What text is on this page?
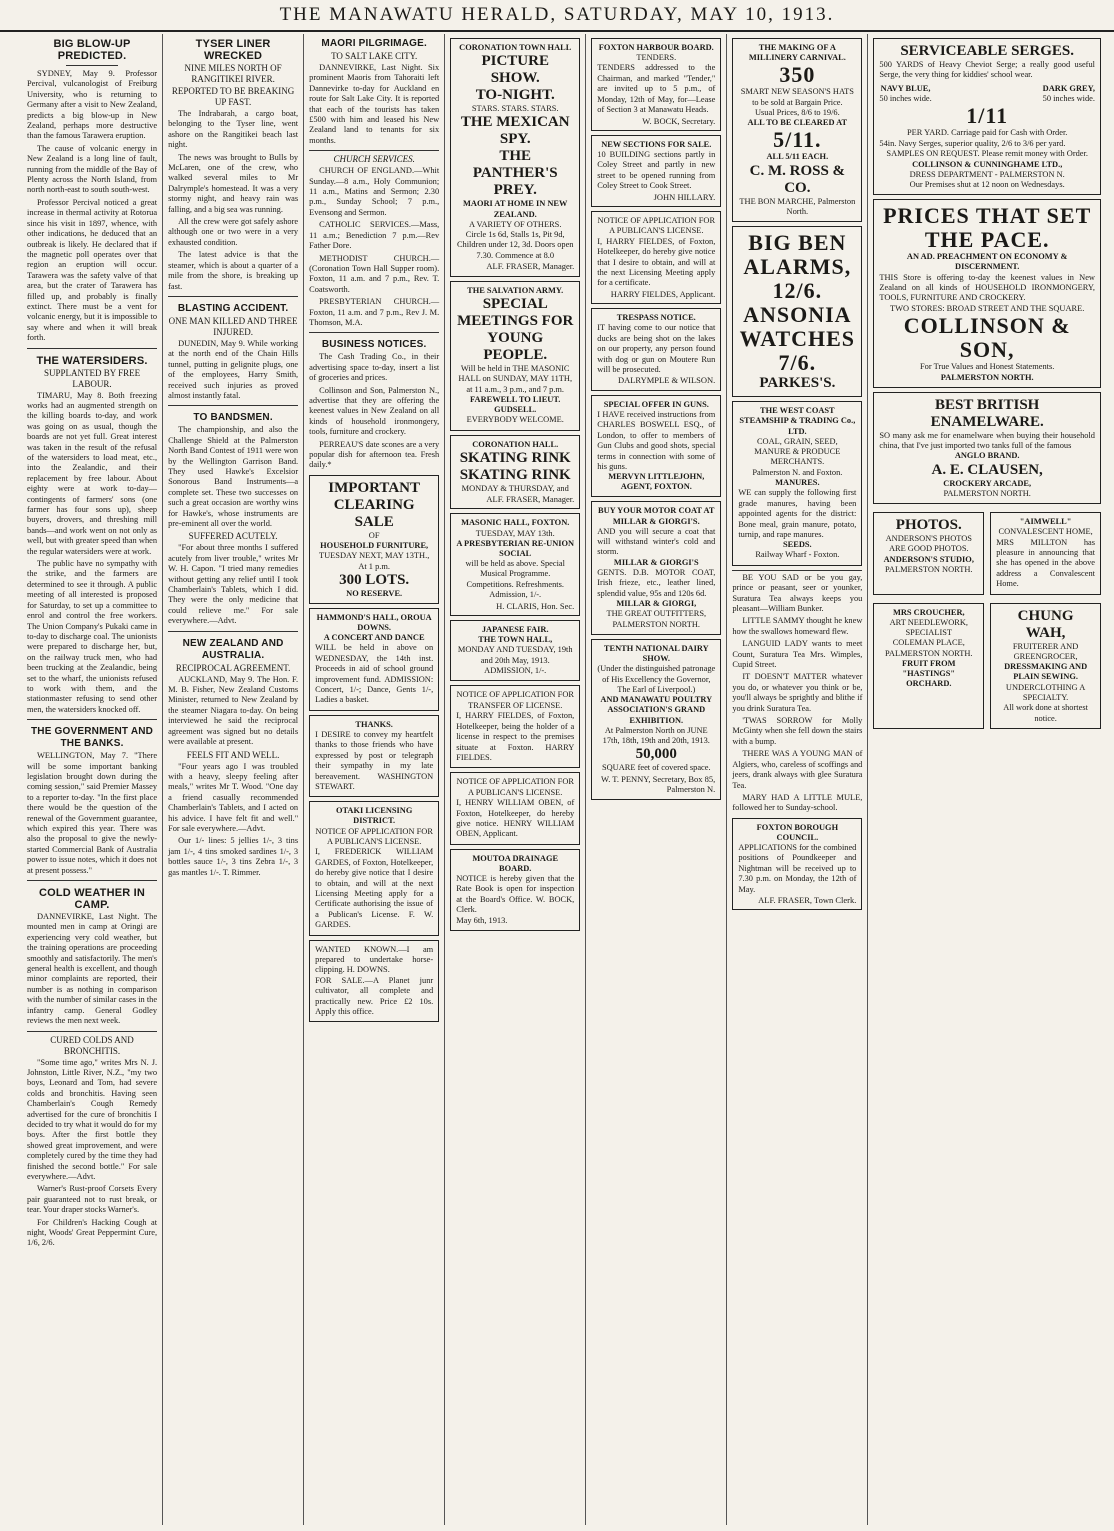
THE MANAWATU HERALD, SATURDAY, MAY 10, 1913.
BIG BLOW-UP PREDICTED.

SYDNEY, May 9. Professor Percival, vulcanologist of Freiburg University, who is returning to Germany after a visit to New Zealand, predicts a big blow-up in New Zealand, perhaps more destructive than the famous Tarawera eruption.

The cause of volcanic energy in New Zealand is a long line of fault, running from the middle of the Bay of Plenty across the North Island, from north north-east to south south-west.

Professor Percival noticed a great increase in thermal activity at Rotorua since his visit in 1897, whence, with other indications, he deduced that an outbreak is likely. He declared that if the magnetic poll operates over that region an eruption will occur. Tarawera was the safety valve of that area, but the crater of Tarawera has filled up, and probably is finally extinct. There must be a vent for volcanic energy, but it is impossible to say where and when it will break forth.

THE WATERSIDERS.
SUPPLANTED BY FREE LABOUR.

TIMARU, May 8. Both freezing works had an augmented strength on the killing boards to-day, and work was going on as usual, though the boards are not yet full. Great interest was taken in the result of the refusal of the watersiders to load meat, etc., into the Zealandic, and their replacement by free labour. About eighty were at work to-day—contingents of farmers' sons (one farmer has four sons up), sheep buyers, drovers, and threshing mill bands—and work went on not only as well, but with greater speed than when the regular watersiders were at work.

The public have no sympathy with the strike, and the farmers are determined to see it through. A public meeting of all interested is proposed for Saturday, to set up a committee to enrol and control the free workers. The Union Company's Pukaki came in to-day to discharge coal. The unionists were prepared to discharge her, but, on the railway truck men, who had been trucking at the Zealandic, being set to the wharf, the unionists refused to work with them, and the stationmaster refusing to send other men, the watersiders knocked off.

THE GOVERNMENT AND THE BANKS.

WELLINGTON, May 7. "There will be some important banking legislation brought down during the coming session," said Premier Massey to a reporter to-day. "In the first place there would be the question of the renewal of the Government guarantee, which expired this year. There was also the proposal to give the newly-started Commercial Bank of Australia power to issue notes, which it does not at present possess."

COLD WEATHER IN CAMP.

DANNEVIRKE, Last Night. The mounted men in camp at Oringi are experiencing very cold weather, but the training operations are proceeding smoothly and satisfactorily. The men's general health is excellent, and though minor complaints are reported, their number is as nothing in comparison with the number of similar cases in the infantry camp. General Godley reviews the men next week.

CURED COLDS AND BRONCHITIS.

"Some time ago," writes Mrs N. J. Johnston, Little River, N.Z., "my two boys, Leonard and Tom, had severe colds and bronchitis. Having seen Chamberlain's Cough Remedy advertised for the cure of bronchitis I decided to try what it would do for my boys. After the first bottle they showed great improvement, and were completely cured by the time they had finished the second bottle." For sale everywhere.—Advt.

Warner's Rust-proof Corsets Every pair guaranteed not to rust break, or tear. Your draper stocks Warner's.

For Children's Hacking Cough at night, Woods' Great Peppermint Cure, 1/6, 2/6.

TYSER LINER WRECKED
NINE MILES NORTH OF RANGITIKEI RIVER.
REPORTED TO BE BREAKING UP FAST.

The Indrabarah, a cargo boat, belonging to the Tyser line, went ashore on the Rangitikei beach last night.

The news was brought to Bulls by McLaren, one of the crew, who walked several miles to Mr Dalrymple's homestead. It was a very stormy night, and heavy rain was falling, and a big sea was running.

All the crew were got safely ashore although one or two were in a very exhausted condition.

The latest advice is that the steamer, which is about a quarter of a mile from the shore, is breaking up fast.

BLASTING ACCIDENT.
ONE MAN KILLED AND THREE INJURED.

DUNEDIN, May 9. While working at the north end of the Chain Hills tunnel, putting in gelignite plugs, one of the employees, Harry Smith, received such injuries as proved almost instantly fatal.

TO BANDSMEN.

The championship, and also the Challenge Shield at the Palmerston North Band Contest of 1911 were won by the Wellington Garrison Band. They used Hawke's Excelsior Sonorous Band Instruments—a complete set. These two successes on such a great occasion are worthy wins for Hawke's, whose instruments are pre-eminent all over the world.

SUFFERED ACUTELY.

"For about three months I suffered acutely from liver trouble," writes Mr W. H. Capon. "I tried many remedies without getting any relief until I took Chamberlain's Tablets, which I did. They were the only medicine that could relieve me." For sale everywhere.—Advt.

NEW ZEALAND AND AUSTRALIA.
RECIPROCAL AGREEMENT.

AUCKLAND, May 9. The Hon. F. M. B. Fisher, New Zealand Customs Minister, returned to New Zealand by the steamer Niagara to-day. On being interviewed he said the reciprocal agreement was signed but no details were available at present.

FEELS FIT AND WELL.

"Four years ago I was troubled with a heavy, sleepy feeling after meals," writes Mr T. Wood. "One day a friend casually recommended Chamberlain's Tablets, and I acted on his advice. I have felt fit and well." For sale everywhere.—Advt.

Our 1/- lines: 5 jellies 1/-, 3 tins jam 1/-, 4 tins smoked sardines 1/-, 3 bottles sauce 1/-, 3 tins Zebra 1/-, 3 gas mantles 1/-. T. Rimmer.

MAORI PILGRIMAGE.
TO SALT LAKE CITY.

DANNEVIRKE, Last Night. Six prominent Maoris from Tahoraiti left Dannevirke to-day for Auckland en route for Salt Lake City. It is reported that each of the tourists has taken £500 with him and leased his New Zealand land to tenants for six months.

CHURCH SERVICES.

CHURCH OF ENGLAND.—Whit Sunday.—8 a.m., Holy Communion; 11 a.m., Matins and Sermon; 2.30 p.m., Sunday School; 7 p.m., Evensong and Sermon.

CATHOLIC SERVICES.—Mass, 11 a.m.; Benediction 7 p.m.—Rev Father Dore.

METHODIST CHURCH.—(Coronation Town Hall Supper room). Foxton, 11 a.m. and 7 p.m., Rev. T. Coatsworth.

PRESBYTERIAN CHURCH.—Foxton, 11 a.m. and 7 p.m., Rev J. M. Thomson, M.A.

BUSINESS NOTICES.

The Cash Trading Co., in their advertising space to-day, insert a list of groceries and prices.

Collinson and Son, Palmerston N., advertise that they are offering the keenest values in New Zealand on all kinds of household ironmongery, tools, furniture and crockery.

PERREAU'S date scones are a very popular dish for afternoon tea. Fresh daily.*

IMPORTANT
CLEARING
SALE
OF
HOUSEHOLD FURNITURE,
TUESDAY NEXT, MAY 13TH., At 1 p.m.
300 LOTS.
NO RESERVE.
HAMMOND'S HALL, OROUA DOWNS.
A CONCERT AND DANCE
WILL be held in above on WEDNESDAY, the 14th inst. Proceeds in aid of school ground improvement fund. ADMISSION: Concert, 1/-; Dance, Gents 1/-, Ladies a basket.
THANKS.
I DESIRE to convey my heartfelt thanks to those friends who have expressed by post or telegraph their sympathy in my late bereavement. WASHINGTON STEWART.
OTAKI LICENSING DISTRICT.
NOTICE OF APPLICATION FOR A PUBLICAN'S LICENSE.
I, FREDERICK WILLIAM GARDES, of Foxton, Hotelkeeper, do hereby give notice that I desire to obtain, and will at the next Licensing Meeting apply for a Certificate authorising the issue of a Publican's License. F. W. GARDES.
WANTED KNOWN.—I am prepared to undertake horse-clipping. H. DOWNS.
FOR SALE.—A Planet junr cultivator, all complete and practically new. Price £2 10s. Apply this office.
CORONATION TOWN HALL
PICTURE SHOW.
TO-NIGHT.
STARS. STARS. STARS.
THE MEXICAN SPY.
THE PANTHER'S PREY.
MAORI AT HOME IN NEW ZEALAND.
A VARIETY OF OTHERS.
Circle 1s 6d, Stalls 1s, Pit 9d, Children under 12, 3d. Doors open 7.30. Commence at 8.0
ALF. FRASER, Manager.
THE SALVATION ARMY.
SPECIAL MEETINGS FOR YOUNG PEOPLE.
Will be held in THE MASONIC HALL on SUNDAY, MAY 11TH, at 11 a.m., 3 p.m., and 7 p.m.
FAREWELL TO LIEUT. GUDSELL.
EVERYBODY WELCOME.
CORONATION HALL.
SKATING RINK SKATING RINK
MONDAY & THURSDAY, and
ALF. FRASER, Manager.
MASONIC HALL, FOXTON.
TUESDAY, MAY 13th.
A PRESBYTERIAN RE-UNION SOCIAL
will be held as above. Special Musical Programme. Competitions. Refreshments. Admission, 1/-.
H. CLARIS, Hon. Sec.
JAPANESE FAIR.
THE TOWN HALL,
MONDAY AND TUESDAY, 19th and 20th May, 1913.
ADMISSION, 1/-.
NOTICE OF APPLICATION FOR TRANSFER OF LICENSE.
I, HARRY FIELDES, of Foxton, Hotelkeeper, being the holder of a license in respect to the premises situate at Foxton. HARRY FIELDES.
NOTICE OF APPLICATION FOR A PUBLICAN'S LICENSE.
I, HENRY WILLIAM OBEN, of Foxton, Hotelkeeper, do hereby give notice. HENRY WILLIAM OBEN, Applicant.
MOUTOA DRAINAGE BOARD.
NOTICE is hereby given that the Rate Book is open for inspection at the Board's Office. W. BOCK, Clerk.
May 6th, 1913.
FOXTON HARBOUR BOARD.
TENDERS.
TENDERS addressed to the Chairman, and marked "Tender," are invited up to 5 p.m., of Monday, 12th of May, for—Lease of Section 3 at Manawatu Heads.
W. BOCK, Secretary.
NEW SECTIONS FOR SALE.
10 BUILDING sections partly in Coley Street and partly in new street to be opened running from Coley Street to Cook Street.
JOHN HILLARY.
NOTICE OF APPLICATION FOR A PUBLICAN'S LICENSE.
I, HARRY FIELDES, of Foxton, Hotelkeeper, do hereby give notice that I desire to obtain, and will at the next Licensing Meeting apply for a certificate.
HARRY FIELDES, Applicant.
TRESPASS NOTICE.
IT having come to our notice that ducks are being shot on the lakes on our property, any person found with dog or gun on Moutere Run will be prosecuted.
DALRYMPLE & WILSON.
SPECIAL OFFER IN GUNS.
I HAVE received instructions from CHARLES BOSWELL ESQ., of London, to offer to members of Gun Clubs and good shots, special terms in connection with some of his guns.
MERVYN LITTLEJOHN, AGENT, FOXTON.
BUY YOUR MOTOR COAT AT
MILLAR & GIORGI'S.
AND you will secure a coat that will withstand winter's cold and storm.
MILLAR & GIORGI'S
GENTS. D.B. MOTOR COAT, Irish frieze, etc., leather lined, splendid value, 95s and 120s 6d.
MILLAR & GIORGI,
THE GREAT OUTFITTERS,
PALMERSTON NORTH.
TENTH NATIONAL DAIRY SHOW.
(Under the distinguished patronage of His Excellency the Governor, The Earl of Liverpool.)
AND MANAWATU POULTRY ASSOCIATION'S GRAND EXHIBITION.
At Palmerston North on JUNE 17th, 18th, 19th and 20th, 1913.
50,000
SQUARE feet of covered space.
W. T. PENNY, Secretary, Box 85, Palmerston N.
THE MAKING OF A MILLINERY CARNIVAL.
350
SMART NEW SEASON'S HATS to be sold at Bargain Price.
Usual Prices, 8/6 to 19/6.
ALL TO BE CLEARED AT
5/11.
ALL 5/11 EACH.
C. M. ROSS & CO.
THE BON MARCHE, Palmerston North.
BIG BEN ALARMS, 12/6.
ANSONIA WATCHES 7/6.
PARKES'S.
THE WEST COAST STEAMSHIP & TRADING Co., LTD.
COAL, GRAIN, SEED, MANURE & PRODUCE MERCHANTS.
Palmerston N. and Foxton.
MANURES.
WE can supply the following first grade manures, having been appointed agents for the district: Bone meal, grain manure, potato, turnip, and rape manures.
SEEDS.
Railway Wharf - Foxton.

BE YOU SAD or be you gay, prince or peasant, seer or younker, Suratura Tea always keeps you pleasant—William Bunker.

LITTLE SAMMY thought he knew how the swallows homeward flew.

LANGUID LADY wants to meet Count, Suratura Tea Mrs. Wimples, Cupid Street.

IT DOESN'T MATTER whatever you do, or whatever you think or be, you'll always be sprightly and blithe if you drink Suratura Tea.

'TWAS SORROW for Molly McGinty when she fell down the stairs with a bump.

THERE WAS A YOUNG MAN of Algiers, who, careless of scoffings and jeers, drank always with glee Suratura Tea.

MARY HAD A LITTLE MULE, followed her to Sunday-school.

FOXTON BOROUGH COUNCIL.
APPLICATIONS for the combined positions of Poundkeeper and Nightman will be received up to 7.30 p.m. on Monday, the 12th of May.
ALF. FRASER, Town Clerk.
SERVICEABLE SERGES.
500 YARDS of Heavy Cheviot Serge; a really good useful Serge, the very thing for kiddies' school wear.
NAVY BLUE,
50 inches wide.
DARK GREY,
50 inches wide.
1/11
PER YARD. Carriage paid for Cash with Order.
54in. Navy Serges, superior quality, 2/6 to 3/6 per yard.
SAMPLES ON REQUEST. Please remit money with Order.
COLLINSON & CUNNINGHAME LTD.,
DRESS DEPARTMENT - PALMERSTON N.
Our Premises shut at 12 noon on Wednesdays.
PRICES THAT SET THE PACE.
AN AD. PREACHMENT ON ECONOMY & DISCERNMENT.
THIS Store is offering to-day the keenest values in New Zealand on all kinds of HOUSEHOLD IRONMONGERY, TOOLS, FURNITURE AND CROCKERY.
TWO STORES: BROAD STREET AND THE SQUARE.
COLLINSON & SON,
For True Values and Honest Statements.
PALMERSTON NORTH.
BEST BRITISH ENAMELWARE.
SO many ask me for enamelware when buying their household china, that I've just imported two tanks full of the famous
ANGLO BRAND.
A. E. CLAUSEN,
CROCKERY ARCADE,
PALMERSTON NORTH.
PHOTOS.
ANDERSON'S PHOTOS ARE GOOD PHOTOS.
ANDERSON'S STUDIO,
PALMERSTON NORTH.
"AIMWELL"
CONVALESCENT HOME,
MRS MILLTON has pleasure in announcing that she has opened in the above address a Convalescent Home.
MRS CROUCHER,
ART NEEDLEWORK, SPECIALIST
COLEMAN PLACE, PALMERSTON NORTH.
FRUIT FROM "HASTINGS" ORCHARD.
CHUNG WAH,
FRUITERER AND GREENGROCER,
DRESSMAKING AND PLAIN SEWING.
UNDERCLOTHING A SPECIALTY.
All work done at shortest notice.
